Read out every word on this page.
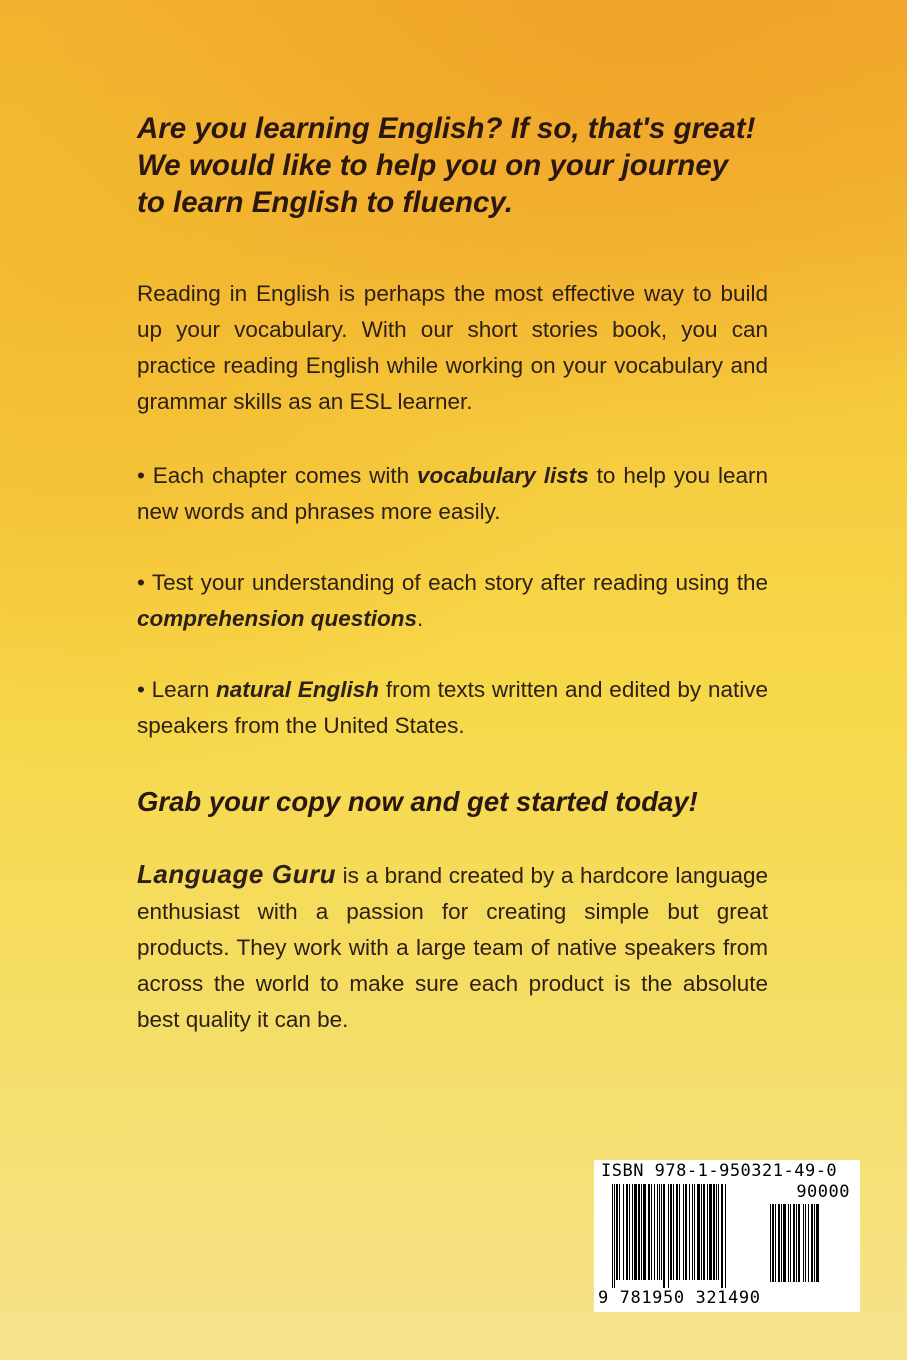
Are you learning English? If so, that's great!
We would like to help you on your journey
to learn English to fluency.

Reading in English is perhaps the most effective way to build up your vocabulary. With our short stories book, you can practice reading English while working on your vocabulary and grammar skills as an ESL learner.

• Each chapter comes with vocabulary lists to help you learn new words and phrases more easily.

• Test your understanding of each story after reading using the comprehension questions.

• Learn natural English from texts written and edited by native speakers from the United States.

Grab your copy now and get started today!

Language Guru is a brand created by a hardcore language enthusiast with a passion for creating simple but great products. They work with a large team of native speakers from across the world to make sure each product is the absolute best quality it can be.

ISBN 978-1-950321-49-0
90000
9 781950 321490
